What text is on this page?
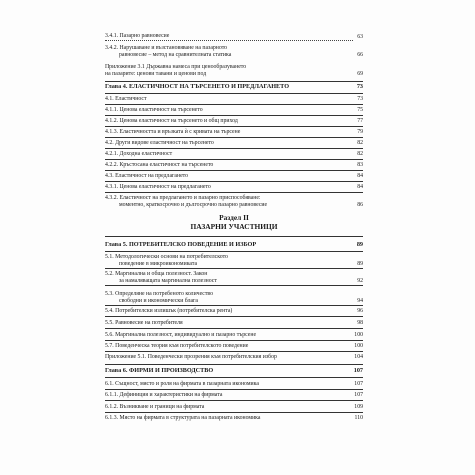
3.4.1. Пазарно равновесие	63
3.4.2. Нарушаване и възстановяване на пазарното
равновесие – метод на сравнителната статика	66
Приложение 3.1 Държавна намеса при ценообразуването
на пазарите: ценови тавани и ценови под	69
Глава 4. ЕЛАСТИЧНОСТ НА ТЪРСЕНЕТО И ПРЕДЛАГАНЕТО	73
4.1. Еластичност	73
4.1.1. Ценова еластичност на търсенето	75
4.1.2. Ценова еластичност на търсенето и общ приход	77
4.1.3. Еластичността и връзката ѝ с кривата на търсене	79
4.2. Други видове еластичност на търсенето	82
4.2.1. Доходна еластичност	82
4.2.2. Кръстосана еластичност на търсенето	83
4.3. Еластичност на предлагането	84
4.3.1. Ценова еластичност на предлагането	84
4.3.2. Еластичност на предлагането и пазарно приспособяване:
моментно, краткосрочно и дългосрочно пазарно равновесие	86
Раздел II
ПАЗАРНИ УЧАСТНИЦИ
Глава 5. ПОТРЕБИТЕЛСКО ПОВЕДЕНИЕ И ИЗБОР	89
5.1. Методологически основи на потребителското
поведение в микроикономиката	89
5.2. Маргинална и обща полезност. Закон
за намаляващата маргинална полезност	92
5.3. Определяне на потребеното количество
свободни и икономически блага	94
5.4. Потребителски излишък (потребителска рента)	96
5.5. Равновесие на потребителя	98
5.6. Маргинална полезност, индивидуално и пазарно търсене	100
5.7. Поведенческа теория към потребителското поведение	100
Приложение 5.1. Поведенчески прозрения към потребителския избор	104
Глава 6. ФИРМИ И ПРОИЗВОДСТВО	107
6.1. Същност, място и роля на фирмата в пазарната икономика	107
6.1.1. Дефиниция и характеристики на фирмата	107
6.1.2. Възникване и граници на фирмата	109
6.1.3. Място на фирмата в структурата на пазарната икономика	110
